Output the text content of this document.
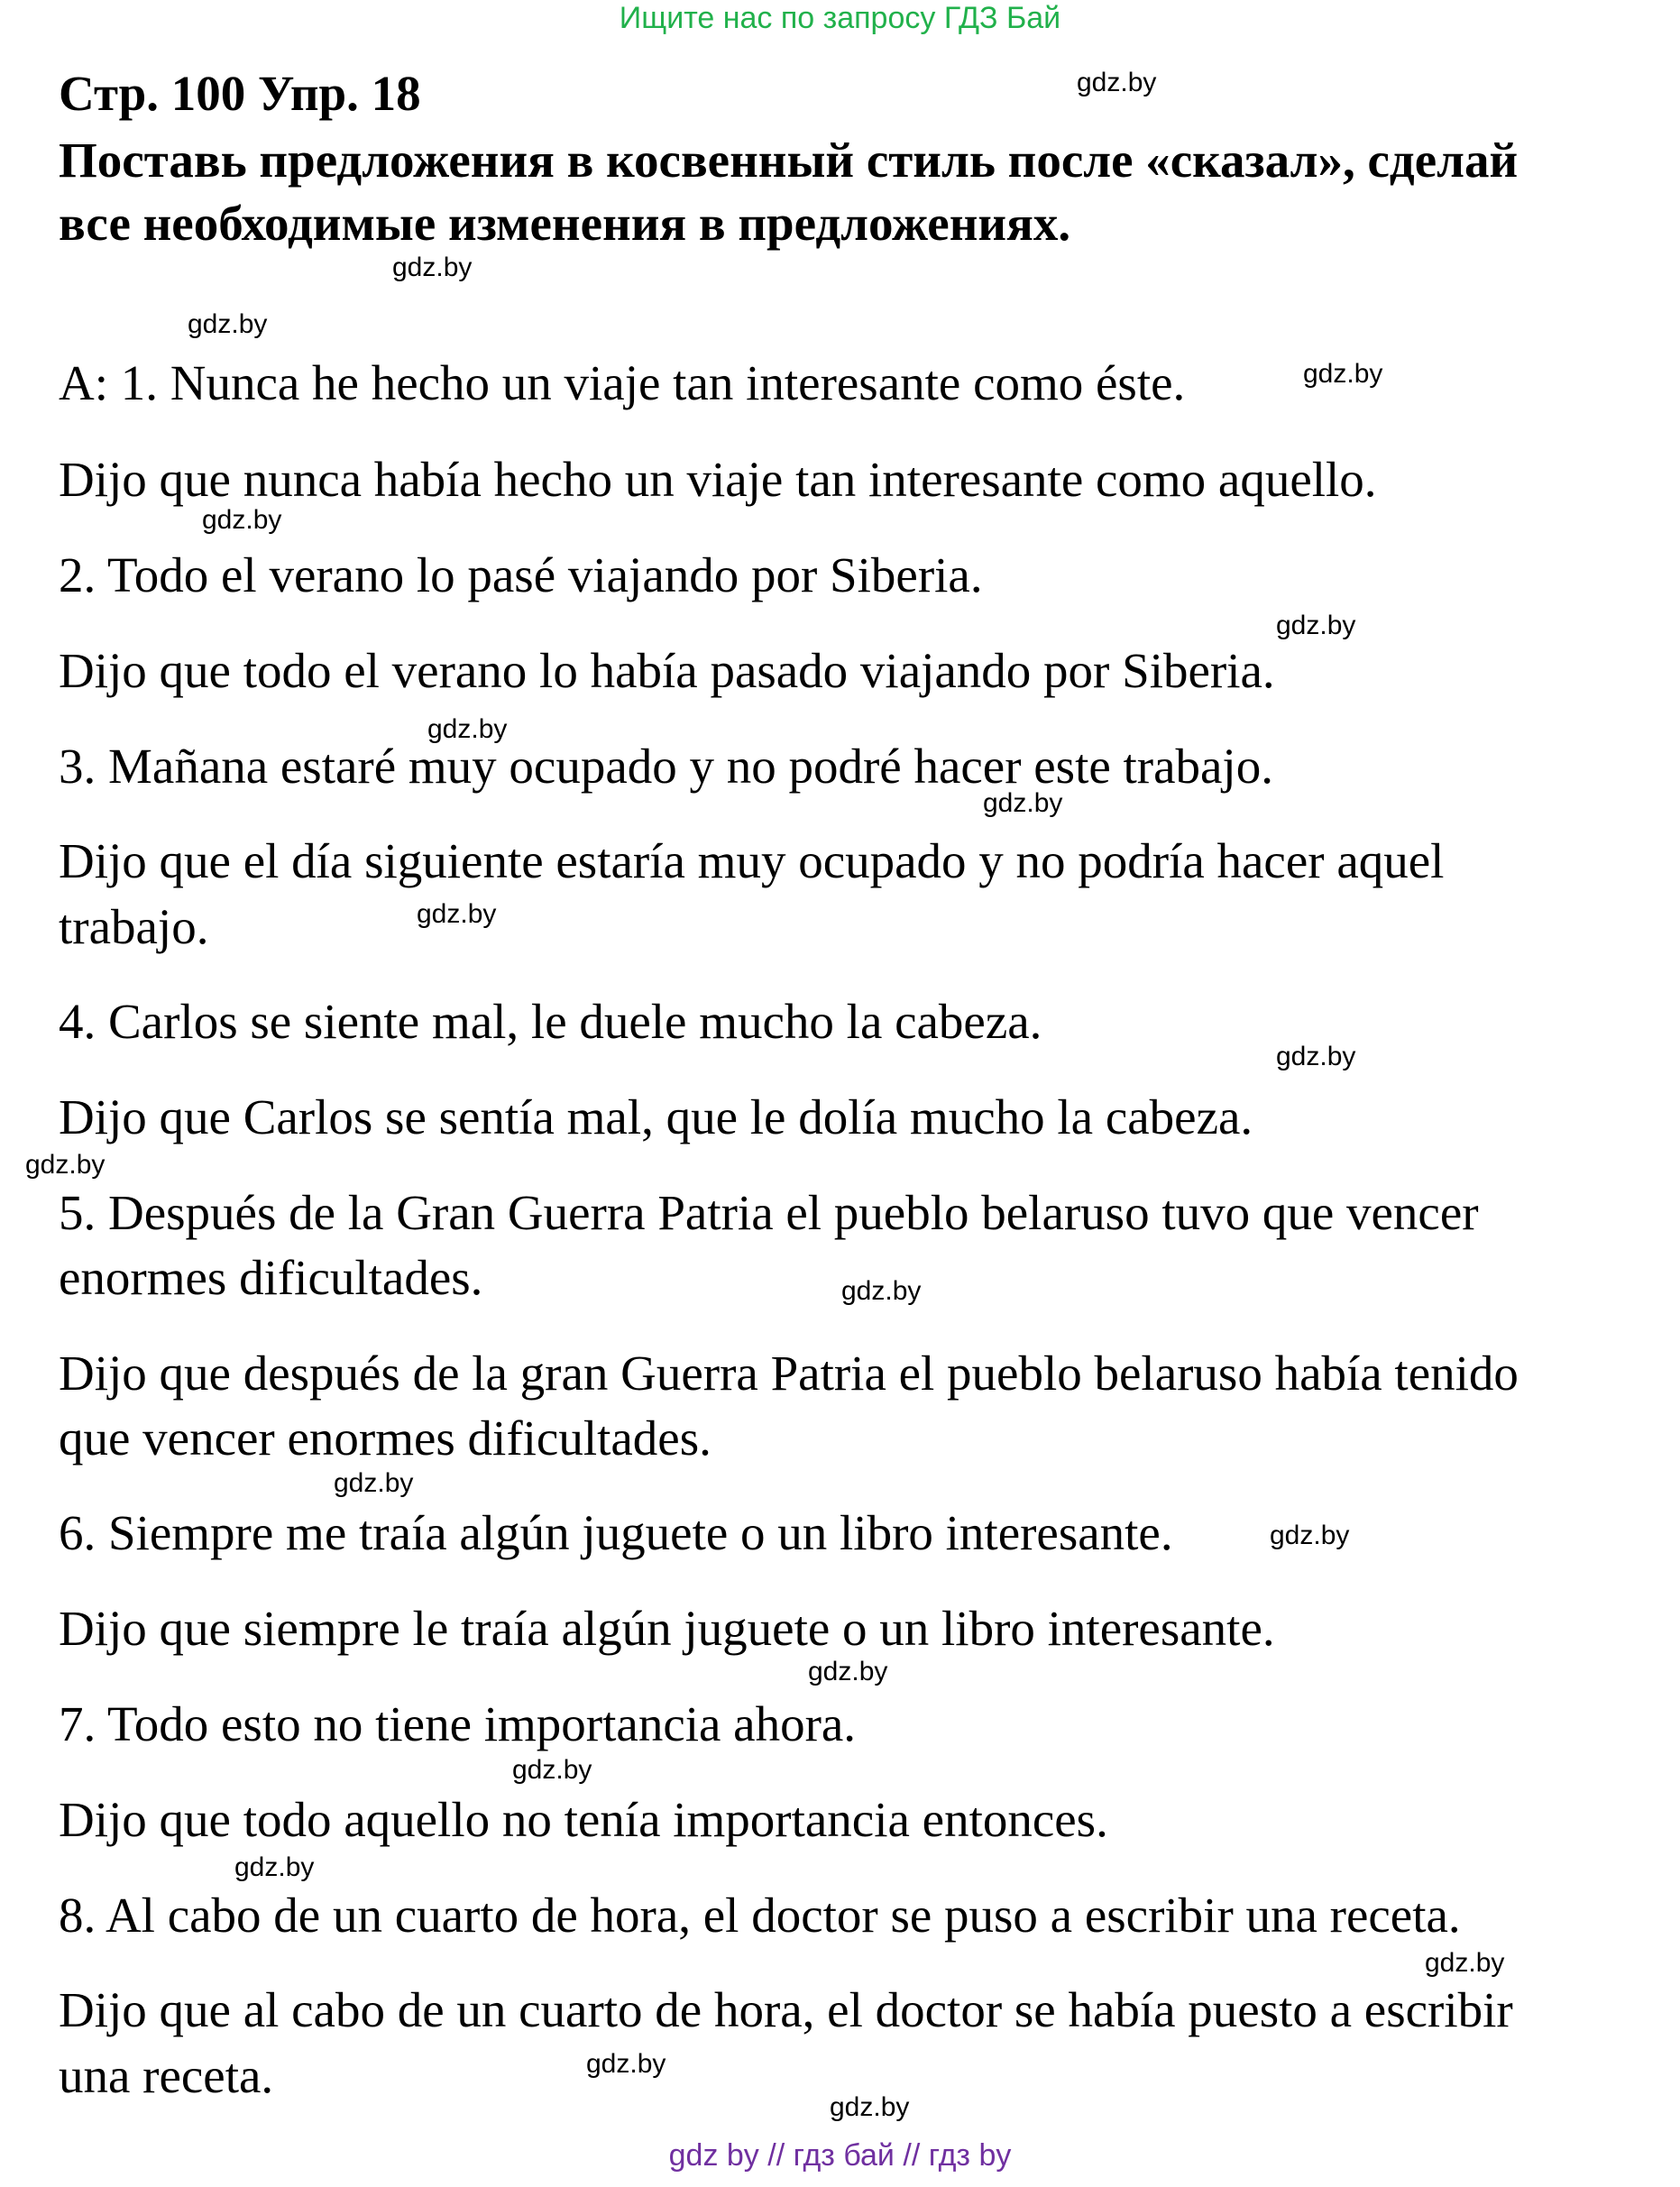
Ищите нас по запросу ГДЗ Бай
Стр. 100 Упр. 18
Поставь предложения в косвенный стиль после «сказал», сделай
все необходимые изменения в предложениях.
A: 1. Nunca he hecho un viaje tan interesante como éste.
Dijo que nunca había hecho un viaje tan interesante como aquello.
2. Todo el verano lo pasé viajando por Siberia.
Dijo que todo el verano lo había pasado viajando por Siberia.
3. Mañana estaré muy ocupado y no podré hacer este trabajo.
Dijo que el día siguiente estaría muy ocupado y no podría hacer aquel
trabajo.
4. Carlos se siente mal, le duele mucho la cabeza.
Dijo que Carlos se sentía mal, que le dolía mucho la cabeza.
5. Después de la Gran Guerra Patria el pueblo belaruso tuvo que vencer
enormes dificultades.
Dijo que después de la gran Guerra Patria el pueblo belaruso había tenido
que vencer enormes dificultades.
6. Siempre me traía algún juguete o un libro interesante.
Dijo que siempre le traía algún juguete o un libro interesante.
7. Todo esto no tiene importancia ahora.
Dijo que todo aquello no tenía importancia entonces.
8. Al cabo de un cuarto de hora, el doctor se puso a escribir una receta.
Dijo que al cabo de un cuarto de hora, el doctor se había puesto a escribir
una receta.
gdz.by
gdz.by
gdz.by
gdz.by
gdz.by
gdz.by
gdz.by
gdz.by
gdz.by
gdz.by
gdz.by
gdz.by
gdz.by
gdz.by
gdz.by
gdz.by
gdz.by
gdz.by
gdz.by
gdz.by
gdz by // гдз бай // гдз by
